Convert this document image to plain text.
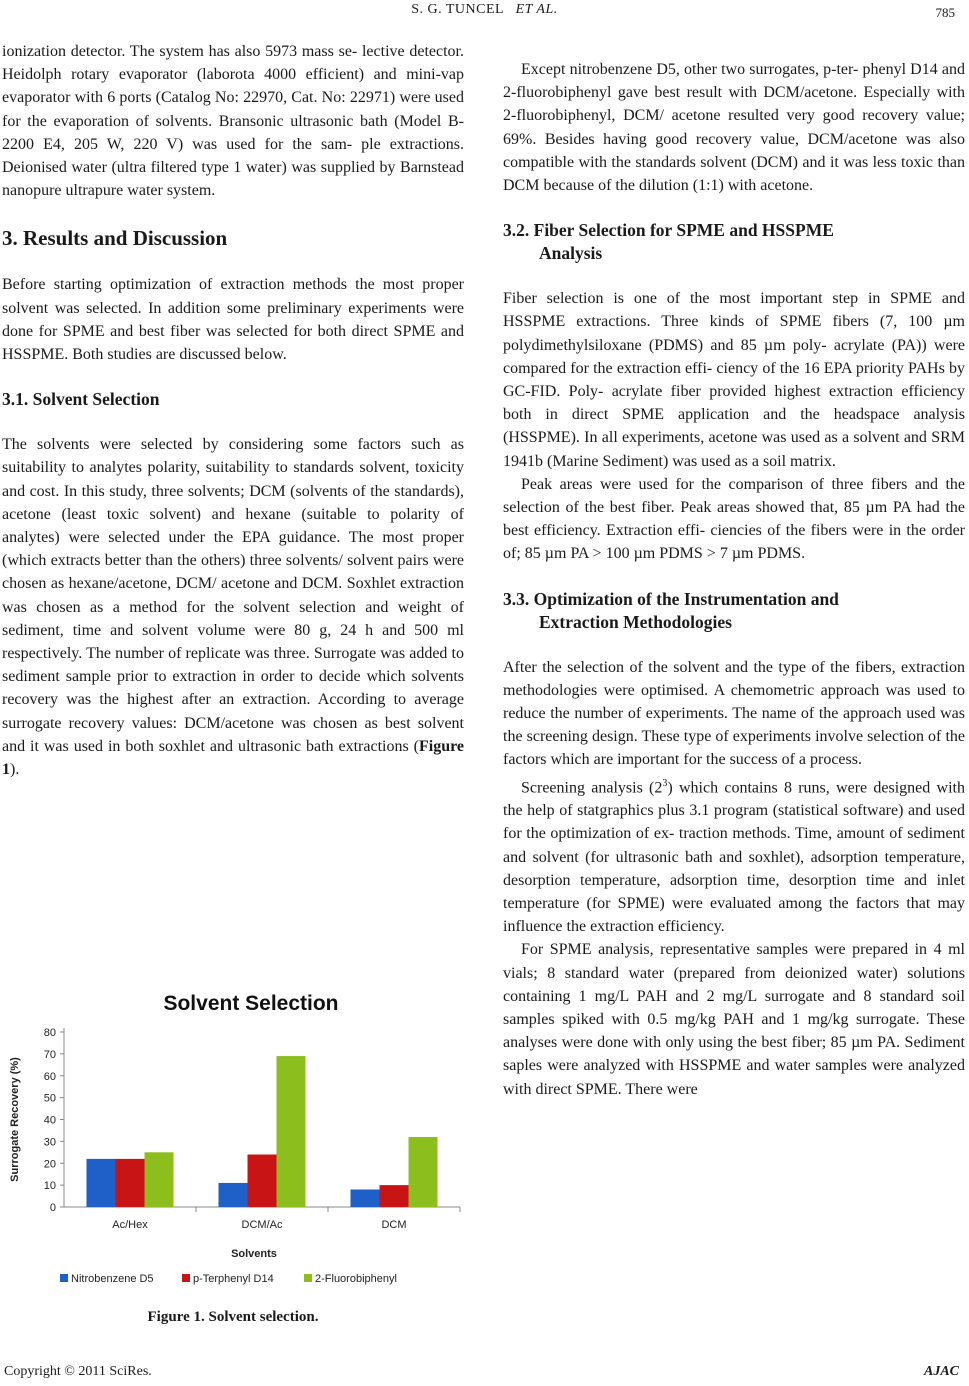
S. G. TUNCEL ET AL.	785

ionization detector. The system has also 5973 mass se- lective detector. Heidolph rotary evaporator (laborota 4000 efficient) and mini-vap evaporator with 6 ports (Catalog No: 22970, Cat. No: 22971) were used for the evaporation of solvents. Bransonic ultrasonic bath (Model B-2200 E4, 205 W, 220 V) was used for the sam- ple extractions. Deionised water (ultra filtered type 1 water) was supplied by Barnstead nanopure ultrapure water system.

3. Results and Discussion

Before starting optimization of extraction methods the most proper solvent was selected. In addition some preliminary experiments were done for SPME and best fiber was selected for both direct SPME and HSSPME. Both studies are discussed below.

3.1. Solvent Selection

The solvents were selected by considering some factors such as suitability to analytes polarity, suitability to standards solvent, toxicity and cost. In this study, three solvents; DCM (solvents of the standards), acetone (least toxic solvent) and hexane (suitable to polarity of analytes) were selected under the EPA guidance. The most proper (which extracts better than the others) three solvents/ solvent pairs were chosen as hexane/acetone, DCM/ acetone and DCM. Soxhlet extraction was chosen as a method for the solvent selection and weight of sediment, time and solvent volume were 80 g, 24 h and 500 ml respectively. The number of replicate was three. Surrogate was added to sediment sample prior to extraction in order to decide which solvents recovery was the highest after an extraction. According to average surrogate recovery values: DCM/acetone was chosen as best solvent and it was used in both soxhlet and ultrasonic bath extractions (Figure 1).

Solvent Selection
0
10
20
30
40
50
60
70
80
Surrogate Recovery (%)
Ac/Hex	DCM/Ac	DCM
Solvents
Nitrobenzene D5	p-Terphenyl D14	2-Fluorobiphenyl
Figure 1. Solvent selection.

Except nitrobenzene D5, other two surrogates, p-ter- phenyl D14 and 2-fluorobiphenyl gave best result with DCM/acetone. Especially with 2-fluorobiphenyl, DCM/ acetone resulted very good recovery value; 69%. Besides having good recovery value, DCM/acetone was also compatible with the standards solvent (DCM) and it was less toxic than DCM because of the dilution (1:1) with acetone.

3.2. Fiber Selection for SPME and HSSPME
Analysis

Fiber selection is one of the most important step in SPME and HSSPME extractions. Three kinds of SPME fibers (7, 100 µm polydimethylsiloxane (PDMS) and 85 µm poly- acrylate (PA)) were compared for the extraction effi- ciency of the 16 EPA priority PAHs by GC-FID. Poly- acrylate fiber provided highest extraction efficiency both in direct SPME application and the headspace analysis (HSSPME). In all experiments, acetone was used as a solvent and SRM 1941b (Marine Sediment) was used as a soil matrix.

Peak areas were used for the comparison of three fibers and the selection of the best fiber. Peak areas showed that, 85 µm PA had the best efficiency. Extraction effi- ciencies of the fibers were in the order of; 85 µm PA > 100 µm PDMS > 7 µm PDMS.

3.3. Optimization of the Instrumentation and
Extraction Methodologies

After the selection of the solvent and the type of the fibers, extraction methodologies were optimised. A chemometric approach was used to reduce the number of experiments. The name of the approach used was the screening design. These type of experiments involve selection of the factors which are important for the success of a process.

Screening analysis $(2^3)$ which contains 8 runs, were designed with the help of statgraphics plus 3.1 program (statistical software) and used for the optimization of ex- traction methods. Time, amount of sediment and solvent (for ultrasonic bath and soxhlet), adsorption temperature, desorption temperature, adsorption time, desorption time and inlet temperature (for SPME) were evaluated among the factors that may influence the extraction efficiency.

For SPME analysis, representative samples were prepared in 4 ml vials; 8 standard water (prepared from deionized water) solutions containing 1 mg/L PAH and 2 mg/L surrogate and 8 standard soil samples spiked with 0.5 mg/kg PAH and 1 mg/kg surrogate. These analyses were done with only using the best fiber; 85 µm PA. Sediment saples were analyzed with HSSPME and water samples were analyzed with direct SPME. There were

Copyright © 2011 SciRes.	AJAC
